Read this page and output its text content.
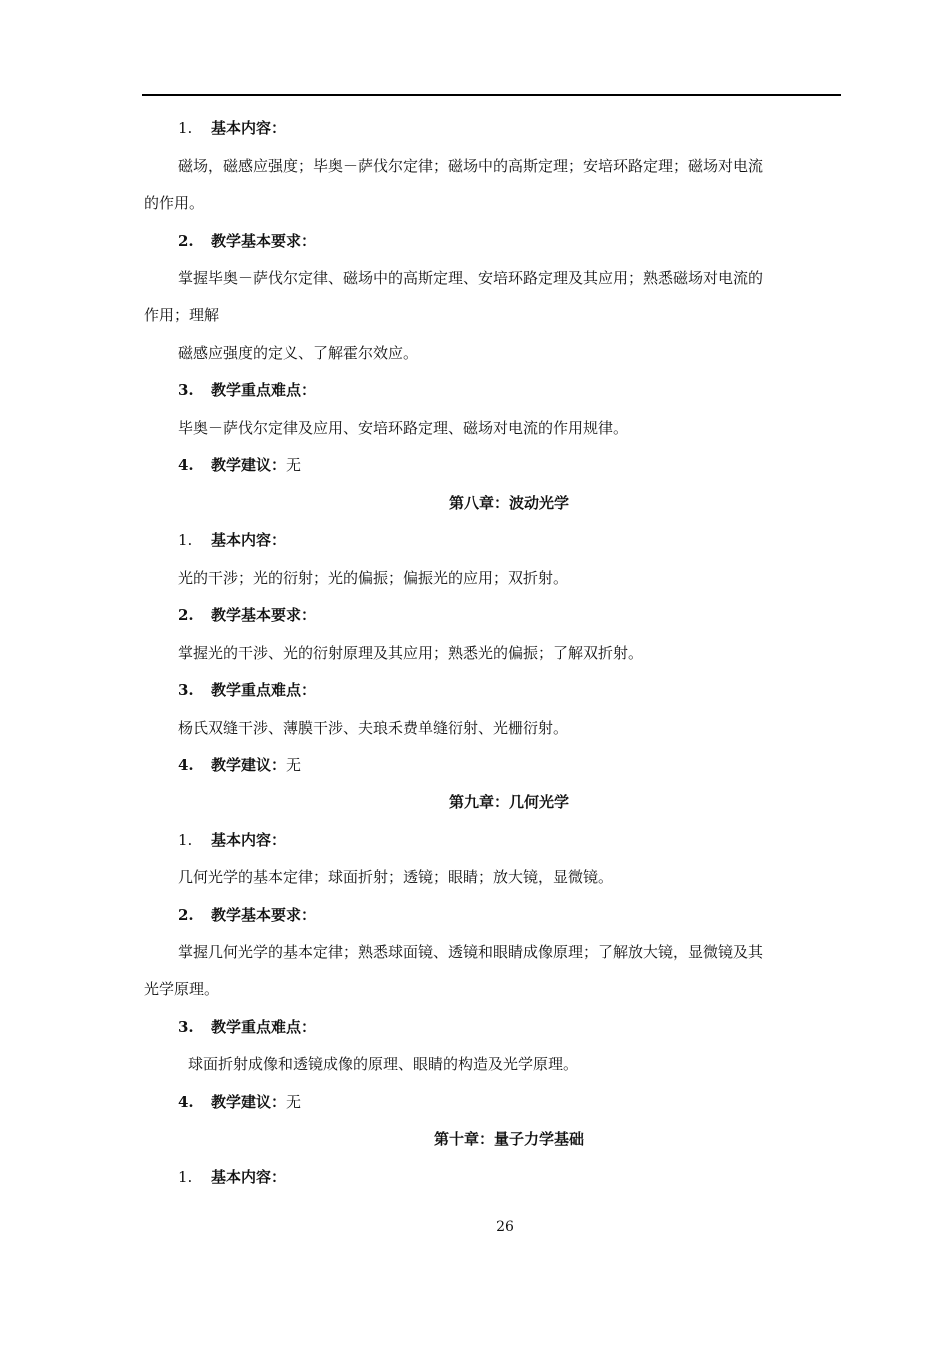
1. 基本内容：
磁场，磁感应强度；毕奥－萨伐尔定律；磁场中的高斯定理；安培环路定理；磁场对电流
的作用。
2. 教学基本要求：
掌握毕奥－萨伐尔定律、磁场中的高斯定理、安培环路定理及其应用；熟悉磁场对电流的
作用；理解
磁感应强度的定义、了解霍尔效应。
3. 教学重点难点：
毕奥－萨伐尔定律及应用、安培环路定理、磁场对电流的作用规律。
4. 教学建议：无
第八章：波动光学
1. 基本内容：
光的干涉；光的衍射；光的偏振；偏振光的应用；双折射。
2. 教学基本要求：
掌握光的干涉、光的衍射原理及其应用；熟悉光的偏振；了解双折射。
3. 教学重点难点：
杨氏双缝干涉、薄膜干涉、夫琅禾费单缝衍射、光栅衍射。
4. 教学建议：无
第九章：几何光学
1. 基本内容：
几何光学的基本定律；球面折射；透镜；眼睛；放大镜，显微镜。
2. 教学基本要求：
掌握几何光学的基本定律；熟悉球面镜、透镜和眼睛成像原理；了解放大镜，显微镜及其
光学原理。
3. 教学重点难点：
球面折射成像和透镜成像的原理、眼睛的构造及光学原理。
4. 教学建议：无
第十章：量子力学基础
1. 基本内容：
26
